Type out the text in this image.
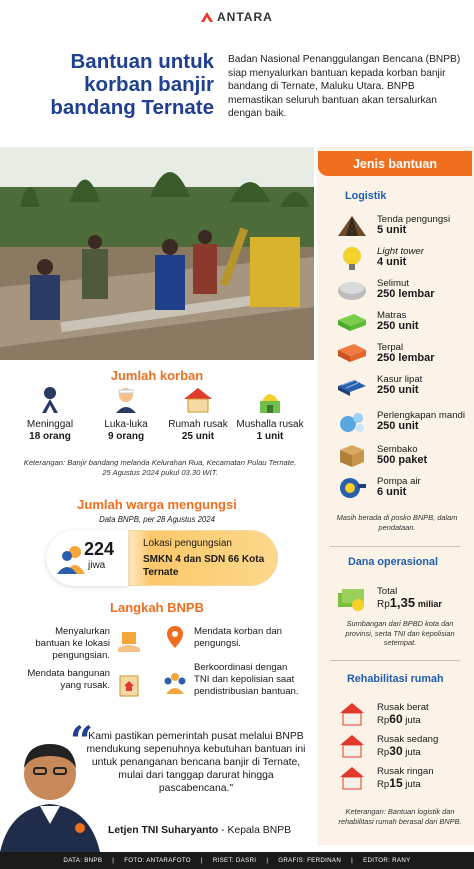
ANTARA
Bantuan untuk
korban banjir
bandang Ternate
Badan Nasional Penanggulangan Bencana (BNPB) siap menyalurkan bantuan kepada korban banjir bandang di Ternate, Maluku Utara. BNPB memastikan seluruh bantuan akan tersalurkan dengan baik.
Jenis bantuan
Logistik
Tenda pengungsi
5 unit
Light tower
4 unit
Selimut
250 lembar
Matras
250 unit
Terpal
250 lembar
Kasur lipat
250 unit
Perlengkapan mandi
250 unit
Sembako
500 paket
Pompa air
6 unit
Masih berada di posko BNPB, dalam pendataan.
Dana operasional
Total
Rp1,35 miliar
Sumbangan dari BPBD kota dan provinsi, serta TNI dan kepolisian setempat.
Rehabilitasi rumah
Rusak berat
Rp60 juta
Rusak sedang
Rp30 juta
Rusak ringan
Rp15 juta
Keterangan: Bantuan logistik dan rehabilitasi rumah berasal dari BNPB.
Jumlah korban
Meninggal
18 orang
Luka-luka
9 orang
Rumah rusak
25 unit
Mushalla rusak
1 unit
Keterangan: Banjir bandang melanda Kelurahan Rua, Kecamatan Pulau Ternate, 25 Agustus 2024 pukul 03.30 WIT.
Jumlah warga mengungsi
Data BNPB, per 28 Agustus 2024
224
jiwa
Lokasi pengungsian
SMKN 4 dan SDN 66 Kota Ternate
Langkah BNPB
Menyalurkan bantuan ke lokasi pengungsian.
Mendata korban dan pengungsi.
Mendata bangunan yang rusak.
Berkoordinasi dengan TNI dan kepolisian saat pendistribusian bantuan.
“
Kami pastikan pemerintah pusat melalui BNPB mendukung sepenuhnya kebutuhan bantuan ini untuk penanganan bencana banjir di Ternate, mulai dari tanggap darurat hingga pascabencana."
Letjen TNI Suharyanto - Kepala BNPB
DATA: BNPB | FOTO: ANTARAFOTO | RISET: DASRI | GRAFIS: FERDINAN | EDITOR: RANY
